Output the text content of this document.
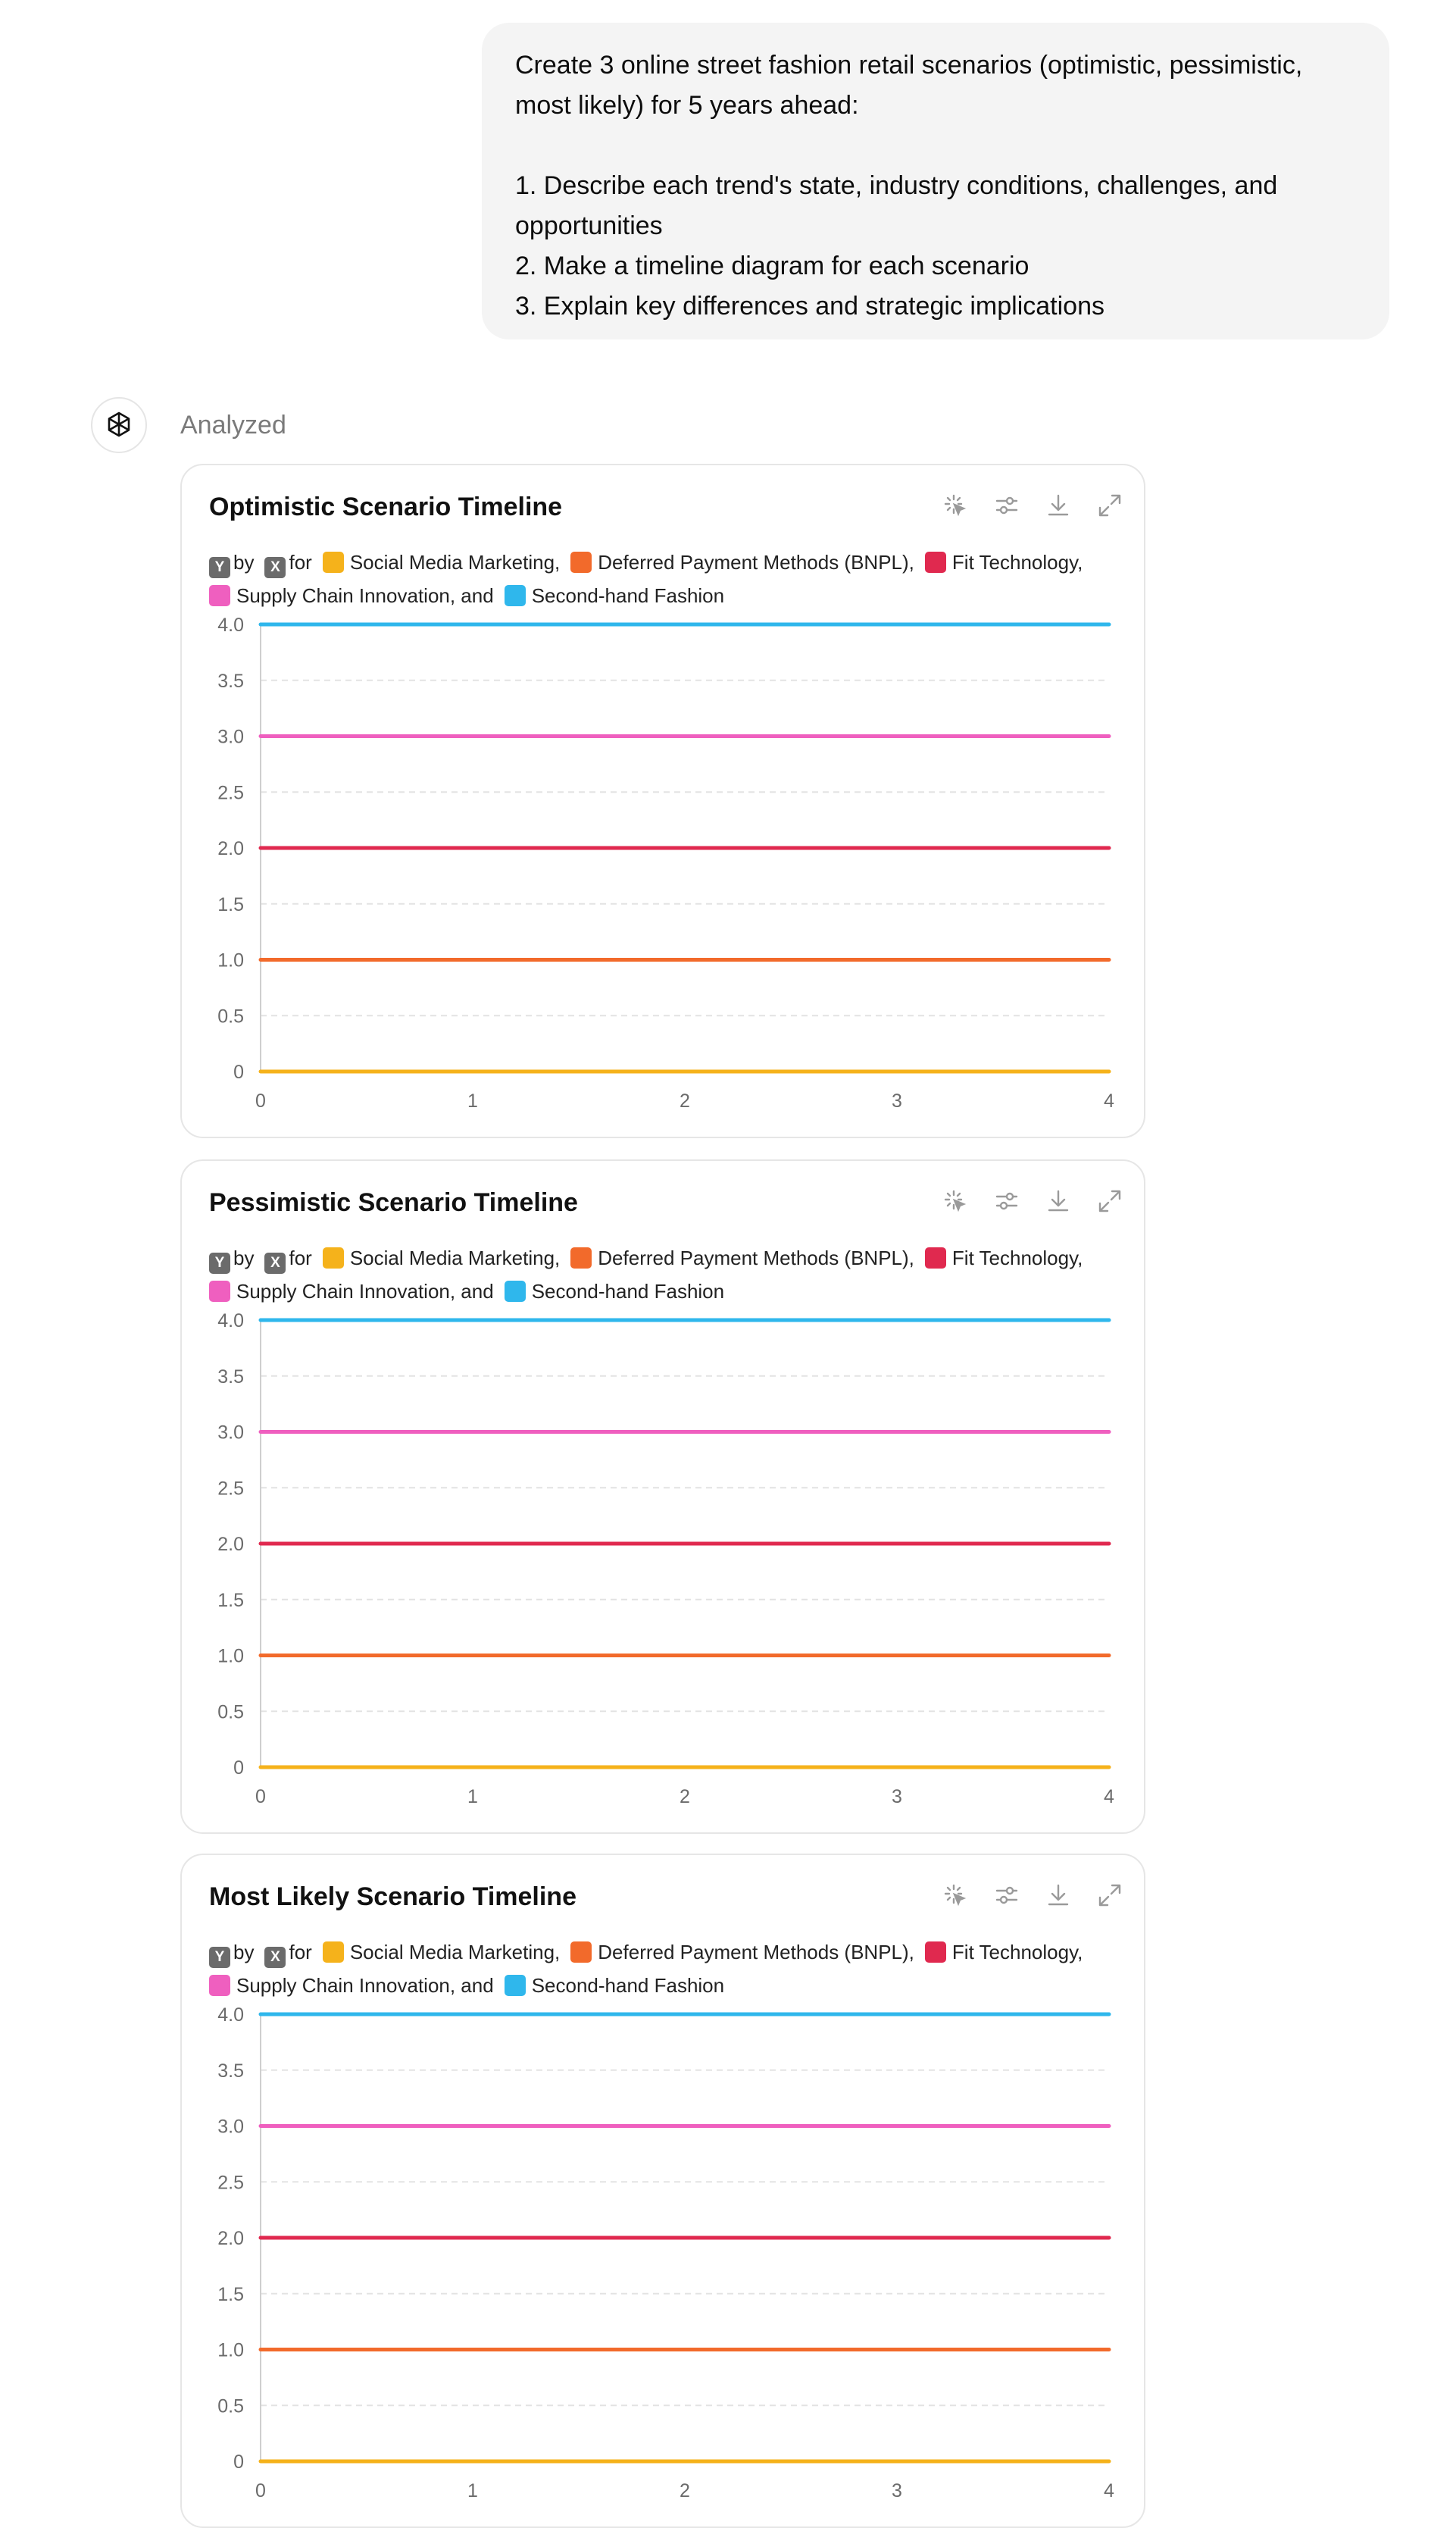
Create 3 online street fashion retail scenarios (optimistic, pessimistic, most likely) for 5 years ahead:

1. Describe each trend's state, industry conditions, challenges, and opportunities

2. Make a timeline diagram for each scenario

3. Explain key differences and strategic implications

Analyzed
Optimistic Scenario Timeline
Y by X for Social Media Marketing, Deferred Payment Methods (BNPL), Fit Technology,Supply Chain Innovation, and Second-hand Fashion
0
0.5
1.0
1.5
2.0
2.5
3.0
3.5
4.0
0	1	2	3	4
Pessimistic Scenario Timeline
Y by X for Social Media Marketing, Deferred Payment Methods (BNPL), Fit Technology,Supply Chain Innovation, and Second-hand Fashion
0
0.5
1.0
1.5
2.0
2.5
3.0
3.5
4.0
0	1	2	3	4
Most Likely Scenario Timeline
Y by X for Social Media Marketing, Deferred Payment Methods (BNPL), Fit Technology,Supply Chain Innovation, and Second-hand Fashion
0
0.5
1.0
1.5
2.0
2.5
3.0
3.5
4.0
0	1	2	3	4
